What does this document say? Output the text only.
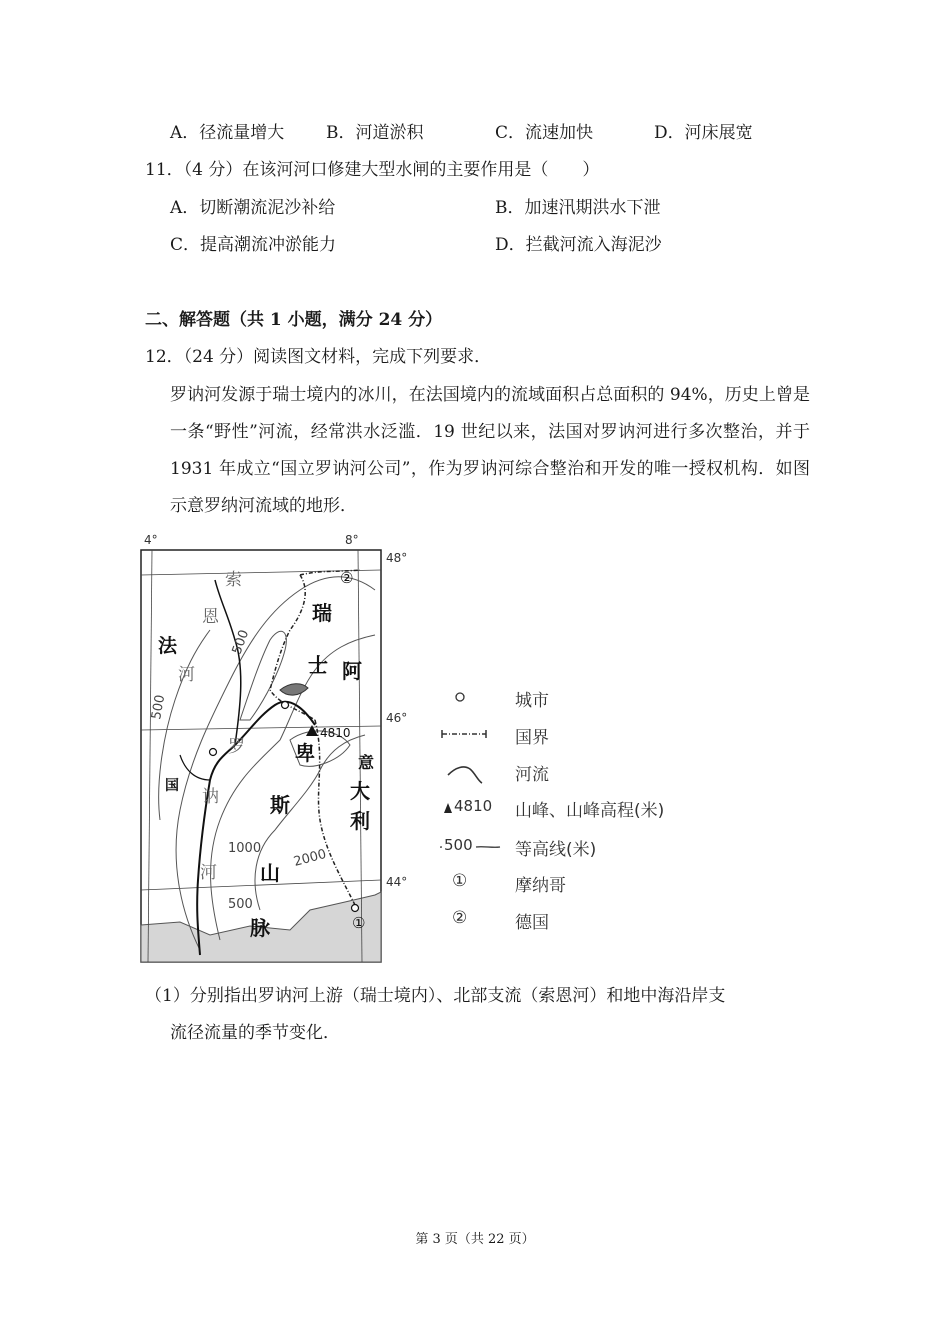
A．径流量增大 B．河道淤积	C．流速加快	D．河床展宽
11．（4 分）在该河河口修建大型水闸的主要作用是（　　）
A．切断潮流泥沙补给	B．加速汛期洪水下泄
C．提高潮流冲淤能力	D．拦截河流入海泥沙
二、解答题（共 1 小题，满分 24 分）
12．（24 分）阅读图文材料，完成下列要求．
罗讷河发源于瑞士境内的冰川，在法国境内的流域面积占总面积的 94%，历史上曾是一条“野性”河流，经常洪水泛滥．19 世纪以来，法国对罗讷河进行多次整治，并于 1931 年成立“国立罗讷河公司”，作为罗讷河综合整治和开发的唯一授权机构．如图示意罗纳河流域的地形．
4°	8°
48°
46°
44°
法
国
瑞
士 阿
卑
斯
山
脉
意
大
利
索
恩
河
罗
讷
河
500
500
500
1000 2000
4810
①
②
城市
国界
河流
4810 山峰、山峰高程(米)
500 等高线(米)
①	摩纳哥
②	德国
（1）分别指出罗讷河上游（瑞士境内）、北部支流（索恩河）和地中海沿岸支
流径流量的季节变化．
第 3 页（共 22 页）
